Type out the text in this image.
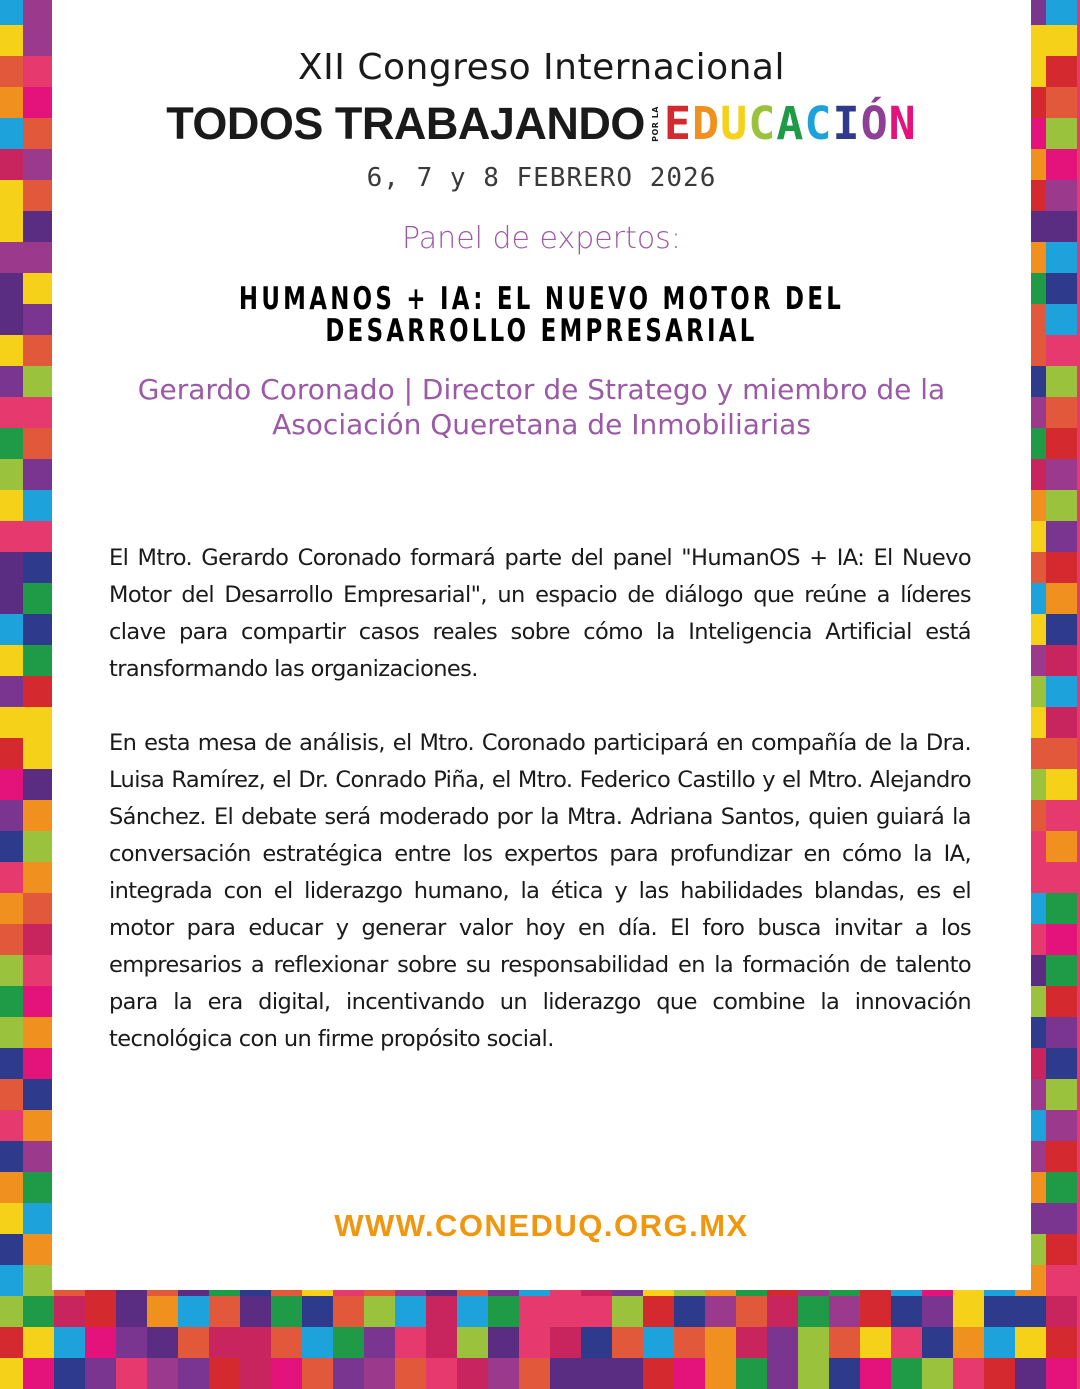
XII Congreso Internacional
TODOS TRABAJANDO POR LA E D U C A C I Ó N
6, 7 y 8 FEBRERO 2026
Panel de expertos:
HUMANOS + IA: EL NUEVO MOTOR DEL DESARROLLO EMPRESARIAL
Gerardo Coronado | Director de Stratego y miembro de la Asociación Queretana de Inmobiliarias

El Mtro. Gerardo Coronado formará parte del panel "HumanOS + IA: El Nuevo Motor del Desarrollo Empresarial", un espacio de diálogo que reúne a líderes clave para compartir casos reales sobre cómo la Inteligencia Artificial está transformando las organizaciones.

En esta mesa de análisis, el Mtro. Coronado participará en compañía de la Dra. Luisa Ramírez, el Dr. Conrado Piña, el Mtro. Federico Castillo y el Mtro. Alejandro Sánchez. El debate será moderado por la Mtra. Adriana Santos, quien guiará la conversación estratégica entre los expertos para profundizar en cómo la IA, integrada con el liderazgo humano, la ética y las habilidades blandas, es el motor para educar y generar valor hoy en día. El foro busca invitar a los empresarios a reflexionar sobre su responsabilidad en la formación de talento para la era digital, incentivando un liderazgo que combine la innovación tecnológica con un firme propósito social.

WWW.CONEDUQ.ORG.MX
